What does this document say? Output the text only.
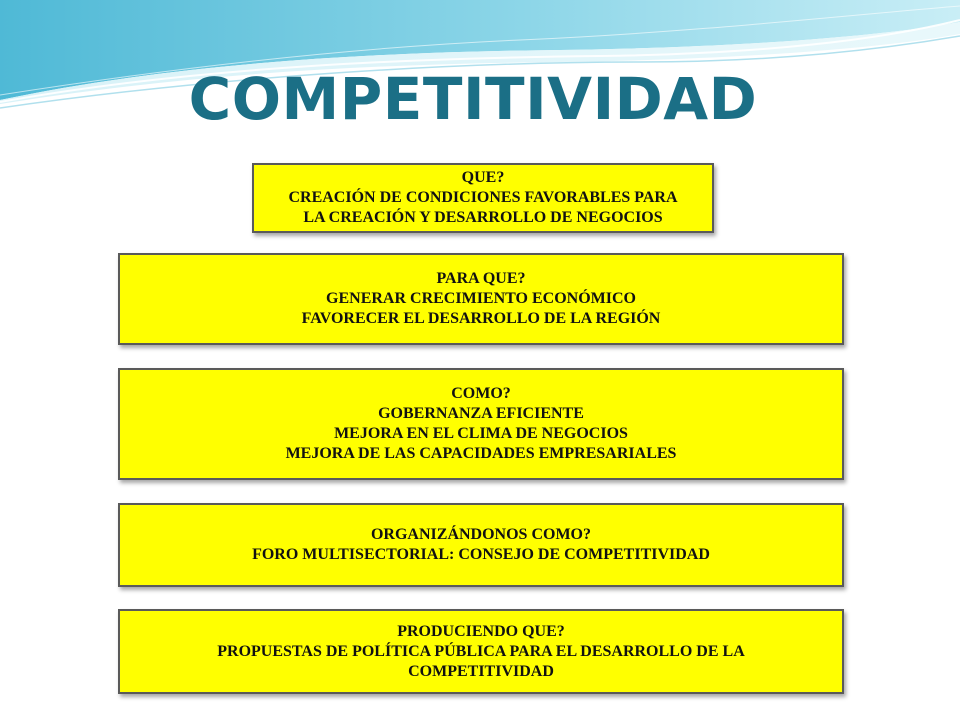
COMPETITIVIDAD
QUE?
CREACIÓN DE CONDICIONES FAVORABLES PARA
LA CREACIÓN Y DESARROLLO DE NEGOCIOS
PARA QUE?
GENERAR CRECIMIENTO ECONÓMICO
FAVORECER EL DESARROLLO DE LA REGIÓN
COMO?
GOBERNANZA EFICIENTE
MEJORA EN EL CLIMA DE NEGOCIOS
MEJORA DE LAS CAPACIDADES EMPRESARIALES
ORGANIZÁNDONOS COMO?
FORO MULTISECTORIAL: CONSEJO DE COMPETITIVIDAD
PRODUCIENDO QUE?
PROPUESTAS DE POLÍTICA PÚBLICA PARA EL DESARROLLO DE LA
COMPETITIVIDAD
